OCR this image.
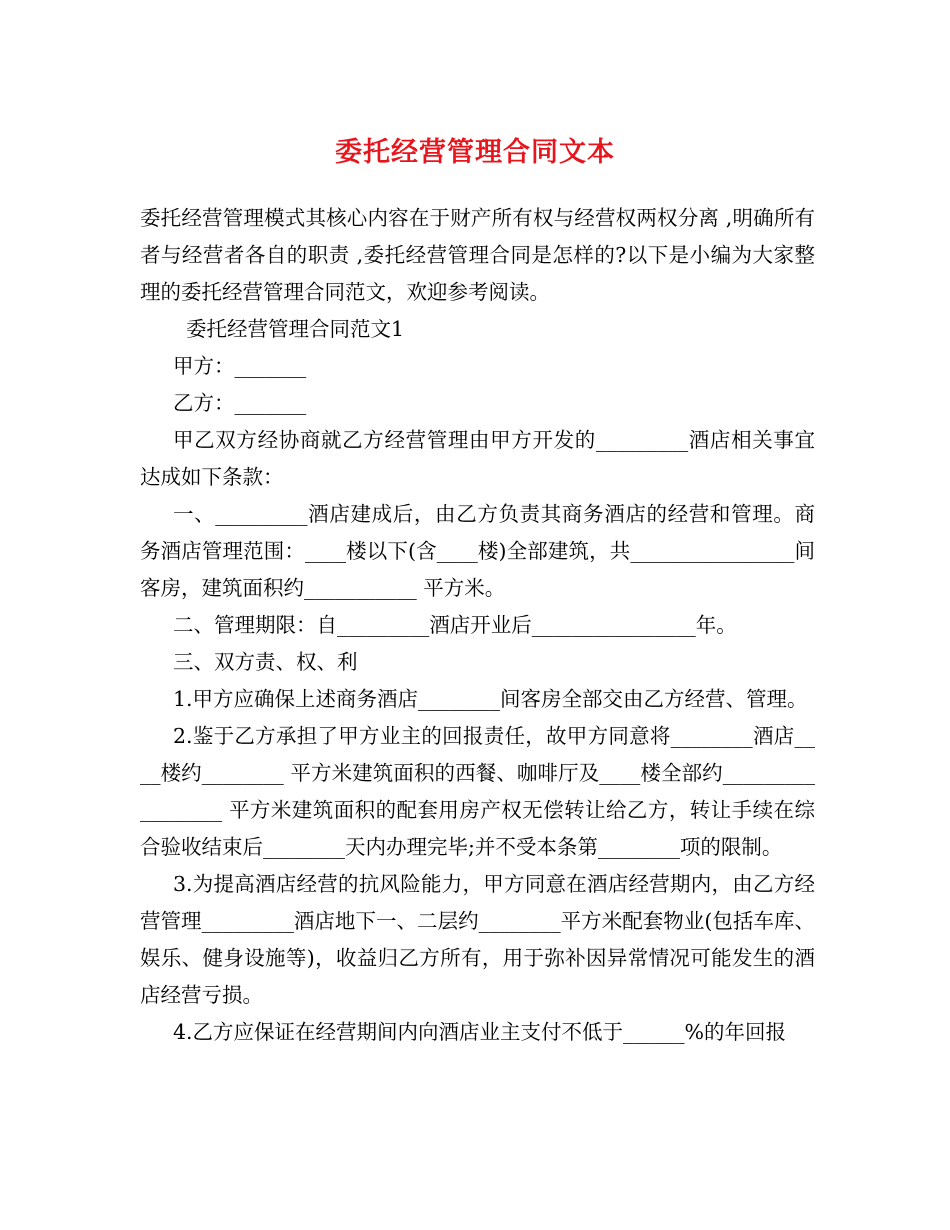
委托经营管理合同文本

委托经营管理模式其核心内容在于财产所有权与经营权两权分离 ,明确所有者与经营者各自的职责 ,委托经营管理合同是怎样的?以下是小编为大家整理的委托经营管理合同范文，欢迎参考阅读。

委托经营管理合同范文1

甲方：_______

乙方：_______

甲乙双方经协商就乙方经营管理由甲方开发的_________酒店相关事宜达成如下条款：

一、_________酒店建成后，由乙方负责其商务酒店的经营和管理。商务酒店管理范围：____楼以下(含____楼)全部建筑，共________________间客房，建筑面积约___________ 平方米。

二、管理期限：自_________酒店开业后________________年。

三、双方责、权、利

1.甲方应确保上述商务酒店________间客房全部交由乙方经营、管理。

2.鉴于乙方承担了甲方业主的回报责任，故甲方同意将________酒店____楼约________ 平方米建筑面积的西餐、咖啡厅及____楼全部约_________________ 平方米建筑面积的配套用房产权无偿转让给乙方，转让手续在综合验收结束后________天内办理完毕;并不受本条第________项的限制。

3.为提高酒店经营的抗风险能力，甲方同意在酒店经营期内，由乙方经营管理_________酒店地下一、二层约________平方米配套物业(包括车库、娱乐、健身设施等)，收益归乙方所有，用于弥补因异常情况可能发生的酒店经营亏损。

4.乙方应保证在经营期间内向酒店业主支付不低于______%的年回报
